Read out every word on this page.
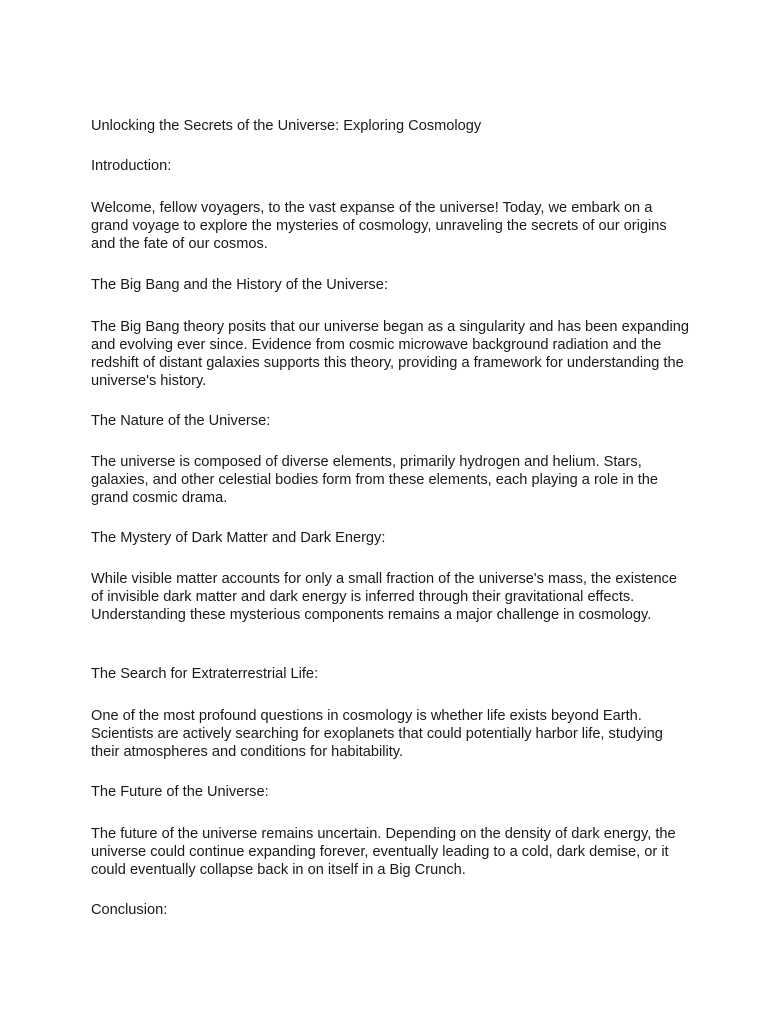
Unlocking the Secrets of the Universe: Exploring Cosmology

Introduction:

Welcome, fellow voyagers, to the vast expanse of the universe! Today, we embark on a grand voyage to explore the mysteries of cosmology, unraveling the secrets of our origins and the fate of our cosmos.

The Big Bang and the History of the Universe:

The Big Bang theory posits that our universe began as a singularity and has been expanding and evolving ever since. Evidence from cosmic microwave background radiation and the redshift of distant galaxies supports this theory, providing a framework for understanding the universe's history.

The Nature of the Universe:

The universe is composed of diverse elements, primarily hydrogen and helium. Stars, galaxies, and other celestial bodies form from these elements, each playing a role in the grand cosmic drama.

The Mystery of Dark Matter and Dark Energy:

While visible matter accounts for only a small fraction of the universe's mass, the existence of invisible dark matter and dark energy is inferred through their gravitational effects. Understanding these mysterious components remains a major challenge in cosmology.

The Search for Extraterrestrial Life:

One of the most profound questions in cosmology is whether life exists beyond Earth. Scientists are actively searching for exoplanets that could potentially harbor life, studying their atmospheres and conditions for habitability.

The Future of the Universe:

The future of the universe remains uncertain. Depending on the density of dark energy, the universe could continue expanding forever, eventually leading to a cold, dark demise, or it could eventually collapse back in on itself in a Big Crunch.

Conclusion:
